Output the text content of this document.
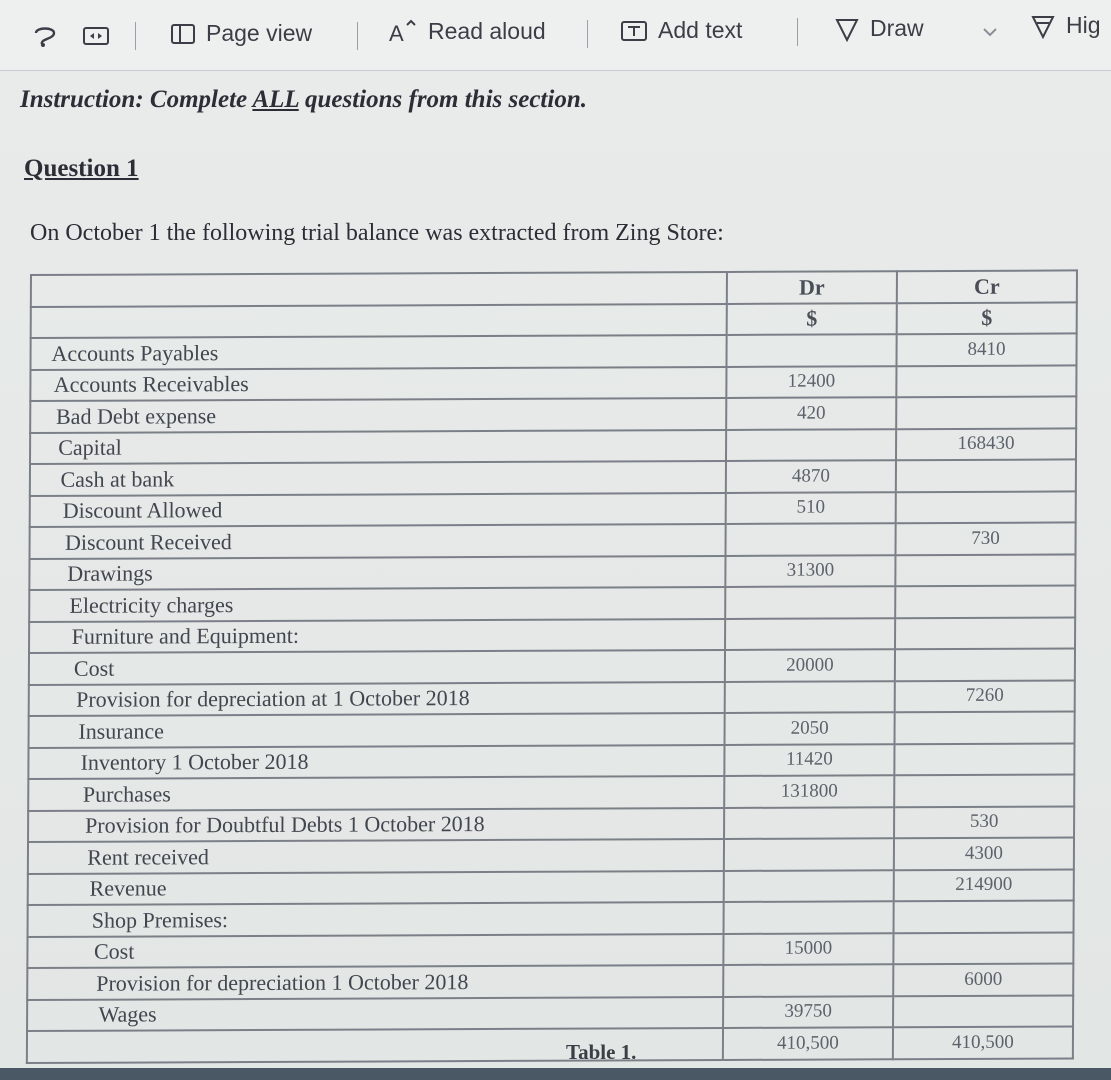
Page view	A Read aloud	Add text	Draw	Hig
Instruction: Complete ALL questions from this section.
Question 1
On October 1 the following trial balance was extracted from Zing Store:
	Dr	Cr
	$	$
Accounts Payables		8410
Accounts Receivables	12400	
Bad Debt expense	420	
Capital		168430
Cash at bank	4870	
Discount Allowed	510	
Discount Received		730
Drawings	31300	
Electricity charges		
Furniture and Equipment:		
Cost	20000	
Provision for depreciation at 1 October 2018		7260
Insurance	2050	
Inventory 1 October 2018	11420	
Purchases	131800	
Provision for Doubtful Debts 1 October 2018		530
Rent received		4300
Revenue		214900
Shop Premises:		
Cost	15000	
Provision for depreciation 1 October 2018		6000
Wages	39750	
	410,500	410,500
Table 1.
